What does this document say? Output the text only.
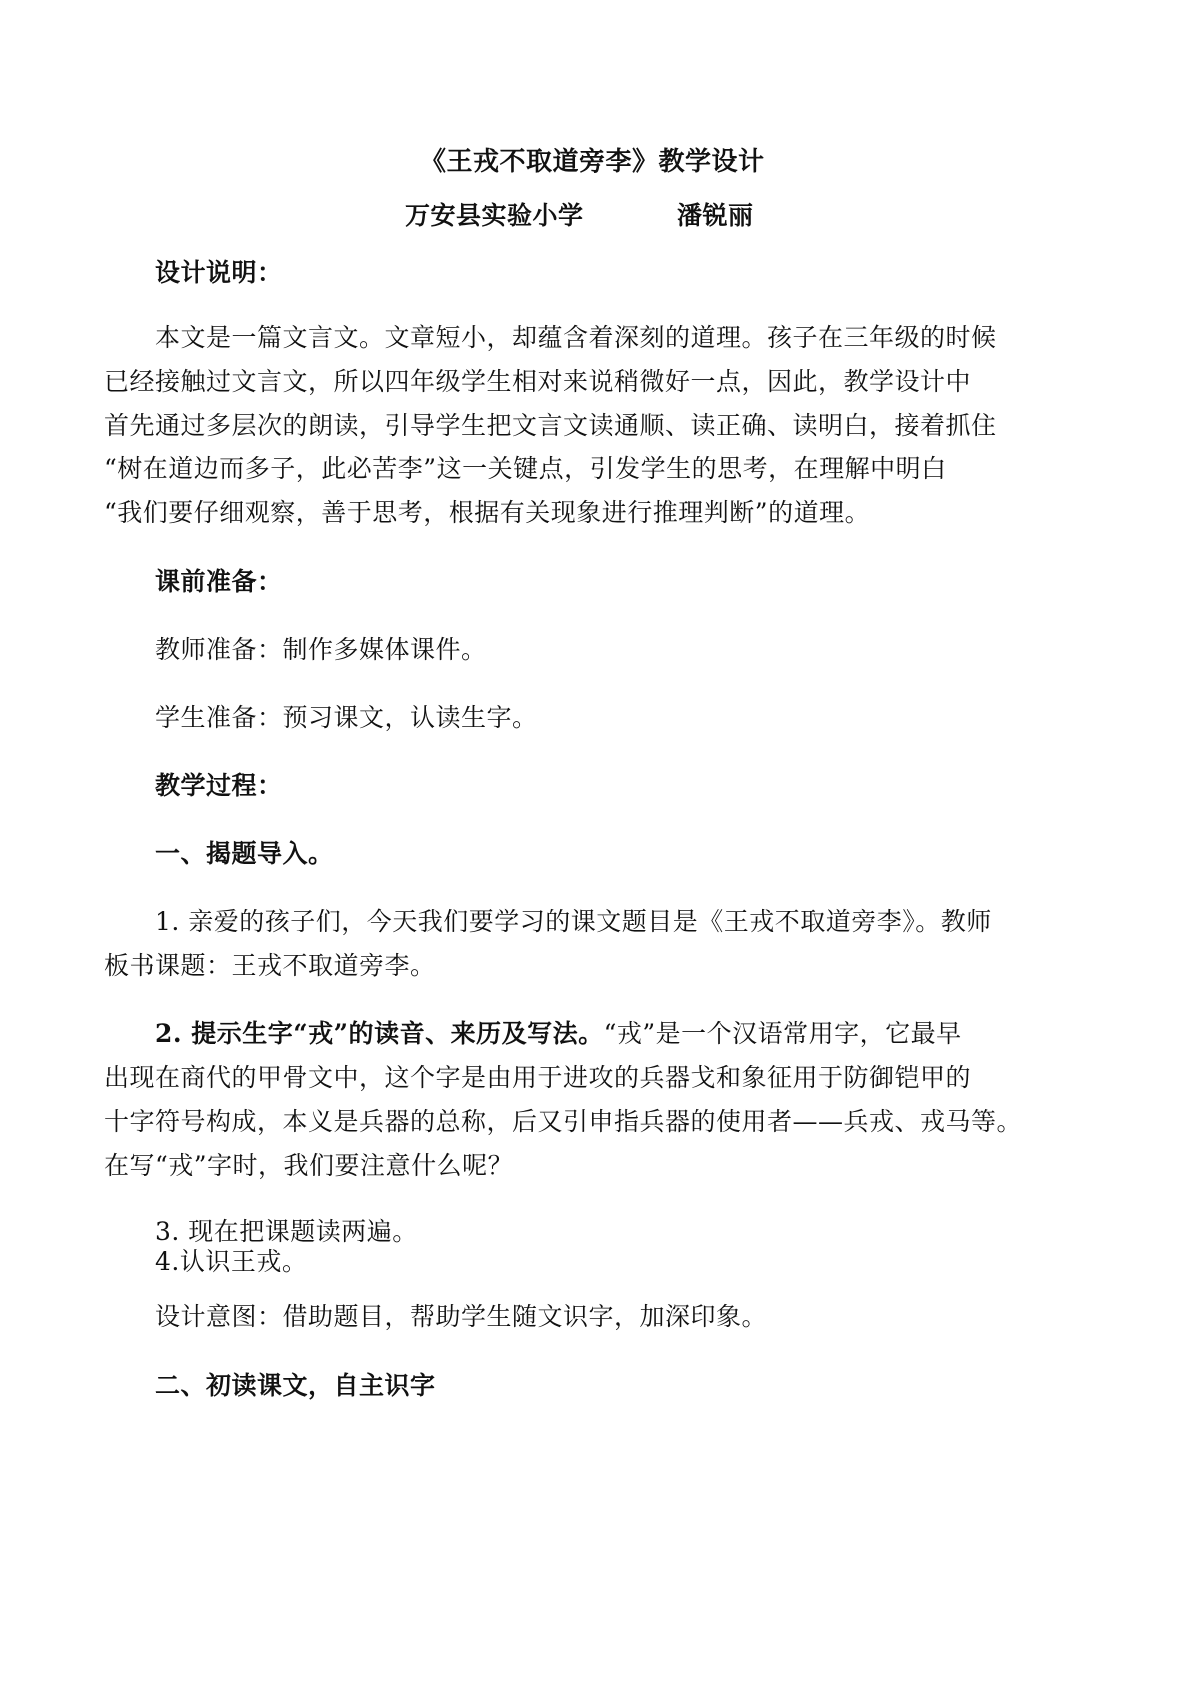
《王戎不取道旁李》教学设计
万安县实验小学	潘锐丽
设计说明：
本文是一篇文言文。文章短小，却蕴含着深刻的道理。孩子在三年级的时候
已经接触过文言文，所以四年级学生相对来说稍微好一点，因此，教学设计中
首先通过多层次的朗读，引导学生把文言文读通顺、读正确、读明白，接着抓住
“树在道边而多子，此必苦李”这一关键点，引发学生的思考，在理解中明白
“我们要仔细观察，善于思考，根据有关现象进行推理判断”的道理。
课前准备：
教师准备：制作多媒体课件。
学生准备：预习课文，认读生字。
教学过程：
一、揭题导入。
1. 亲爱的孩子们，今天我们要学习的课文题目是《王戎不取道旁李》。教师
板书课题：王戎不取道旁李。
2. 提示生字“戎”的读音、来历及写法。“戎”是一个汉语常用字，它最早
出现在商代的甲骨文中，这个字是由用于进攻的兵器戈和象征用于防御铠甲的
十字符号构成，本义是兵器的总称，后又引申指兵器的使用者——兵戎、戎马等。
在写“戎”字时，我们要注意什么呢？
3. 现在把课题读两遍。
4.认识王戎。
设计意图：借助题目，帮助学生随文识字，加深印象。
二、初读课文，自主识字
